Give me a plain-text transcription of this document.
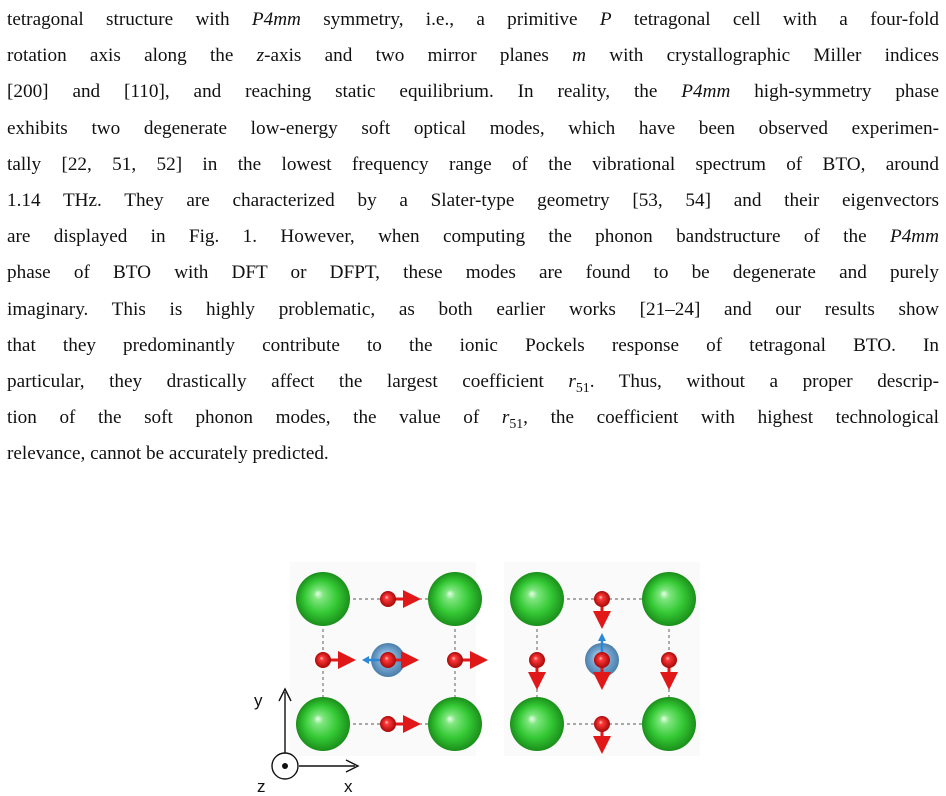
tetragonal structure with P4mm symmetry, i.e., a primitive P tetragonal cell with a four-fold
rotation axis along the z-axis and two mirror planes m with crystallographic Miller indices
[200] and [110], and reaching static equilibrium. In reality, the P4mm high-symmetry phase
exhibits two degenerate low-energy soft optical modes, which have been observed experimen-
tally [22, 51, 52] in the lowest frequency range of the vibrational spectrum of BTO, around
1.14 THz. They are characterized by a Slater-type geometry [53, 54] and their eigenvectors
are displayed in Fig. 1. However, when computing the phonon bandstructure of the P4mm
phase of BTO with DFT or DFPT, these modes are found to be degenerate and purely
imaginary. This is highly problematic, as both earlier works [21–24] and our results show
that they predominantly contribute to the ionic Pockels response of tetragonal BTO. In
particular, they drastically affect the largest coefficient $r_{51}$. Thus, without a proper descrip-
tion of the soft phonon modes, the value of $r_{51}$, the coefficient with highest technological
relevance, cannot be accurately predicted.
y
z	x
